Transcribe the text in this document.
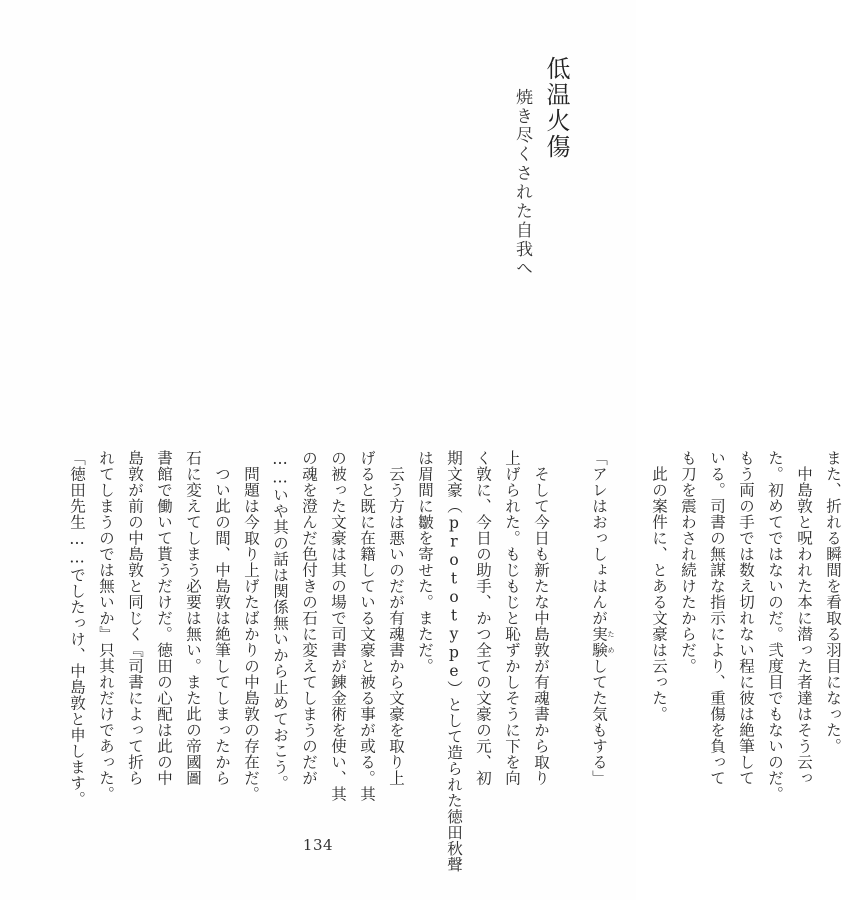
低温火傷
焼き尽くされた自我へ
また、折れる瞬間を看取る羽目になった。
中島敦と呪われた本に潜った者達はそう云っ
た。初めてではないのだ。弐度目でもないのだ。
もう両の手では数え切れない程に彼は絶筆して
いる。司書の無謀な指示により、重傷を負って
も刀を震わされ続けたからだ。
此の案件に、とある文豪は云った。
「アレはおっしょはんが実験 ためしてた気もする」
そして今日も新たな中島敦が有魂書から取り
上げられた。もじもじと恥ずかしそうに下を向
く敦に、今日の助手、かつ全ての文豪の元、初
期文豪（prototype）として造られた徳田秋聲
は眉間に皺を寄せた。まただ。
云う方は悪いのだが有魂書から文豪を取り上
げると既に在籍している文豪と被る事が或る。其
の被った文豪は其の場で司書が錬金術を使い、其
の魂を澄んだ色付きの石に変えてしまうのだが
……いや其の話は関係無いから止めておこう。
問題は今取り上げたばかりの中島敦の存在だ。
つい此の間、中島敦は絶筆してしまったから
石に変えてしまう必要は無い。また此の帝國圖
書館で働いて貰うだけだ。徳田の心配は此の中
島敦が前の中島敦と同じく『司書によって折ら
れてしまうのでは無いか』只其れだけであった。
「徳田先生……でしたっけ、中島敦と申します。
134
